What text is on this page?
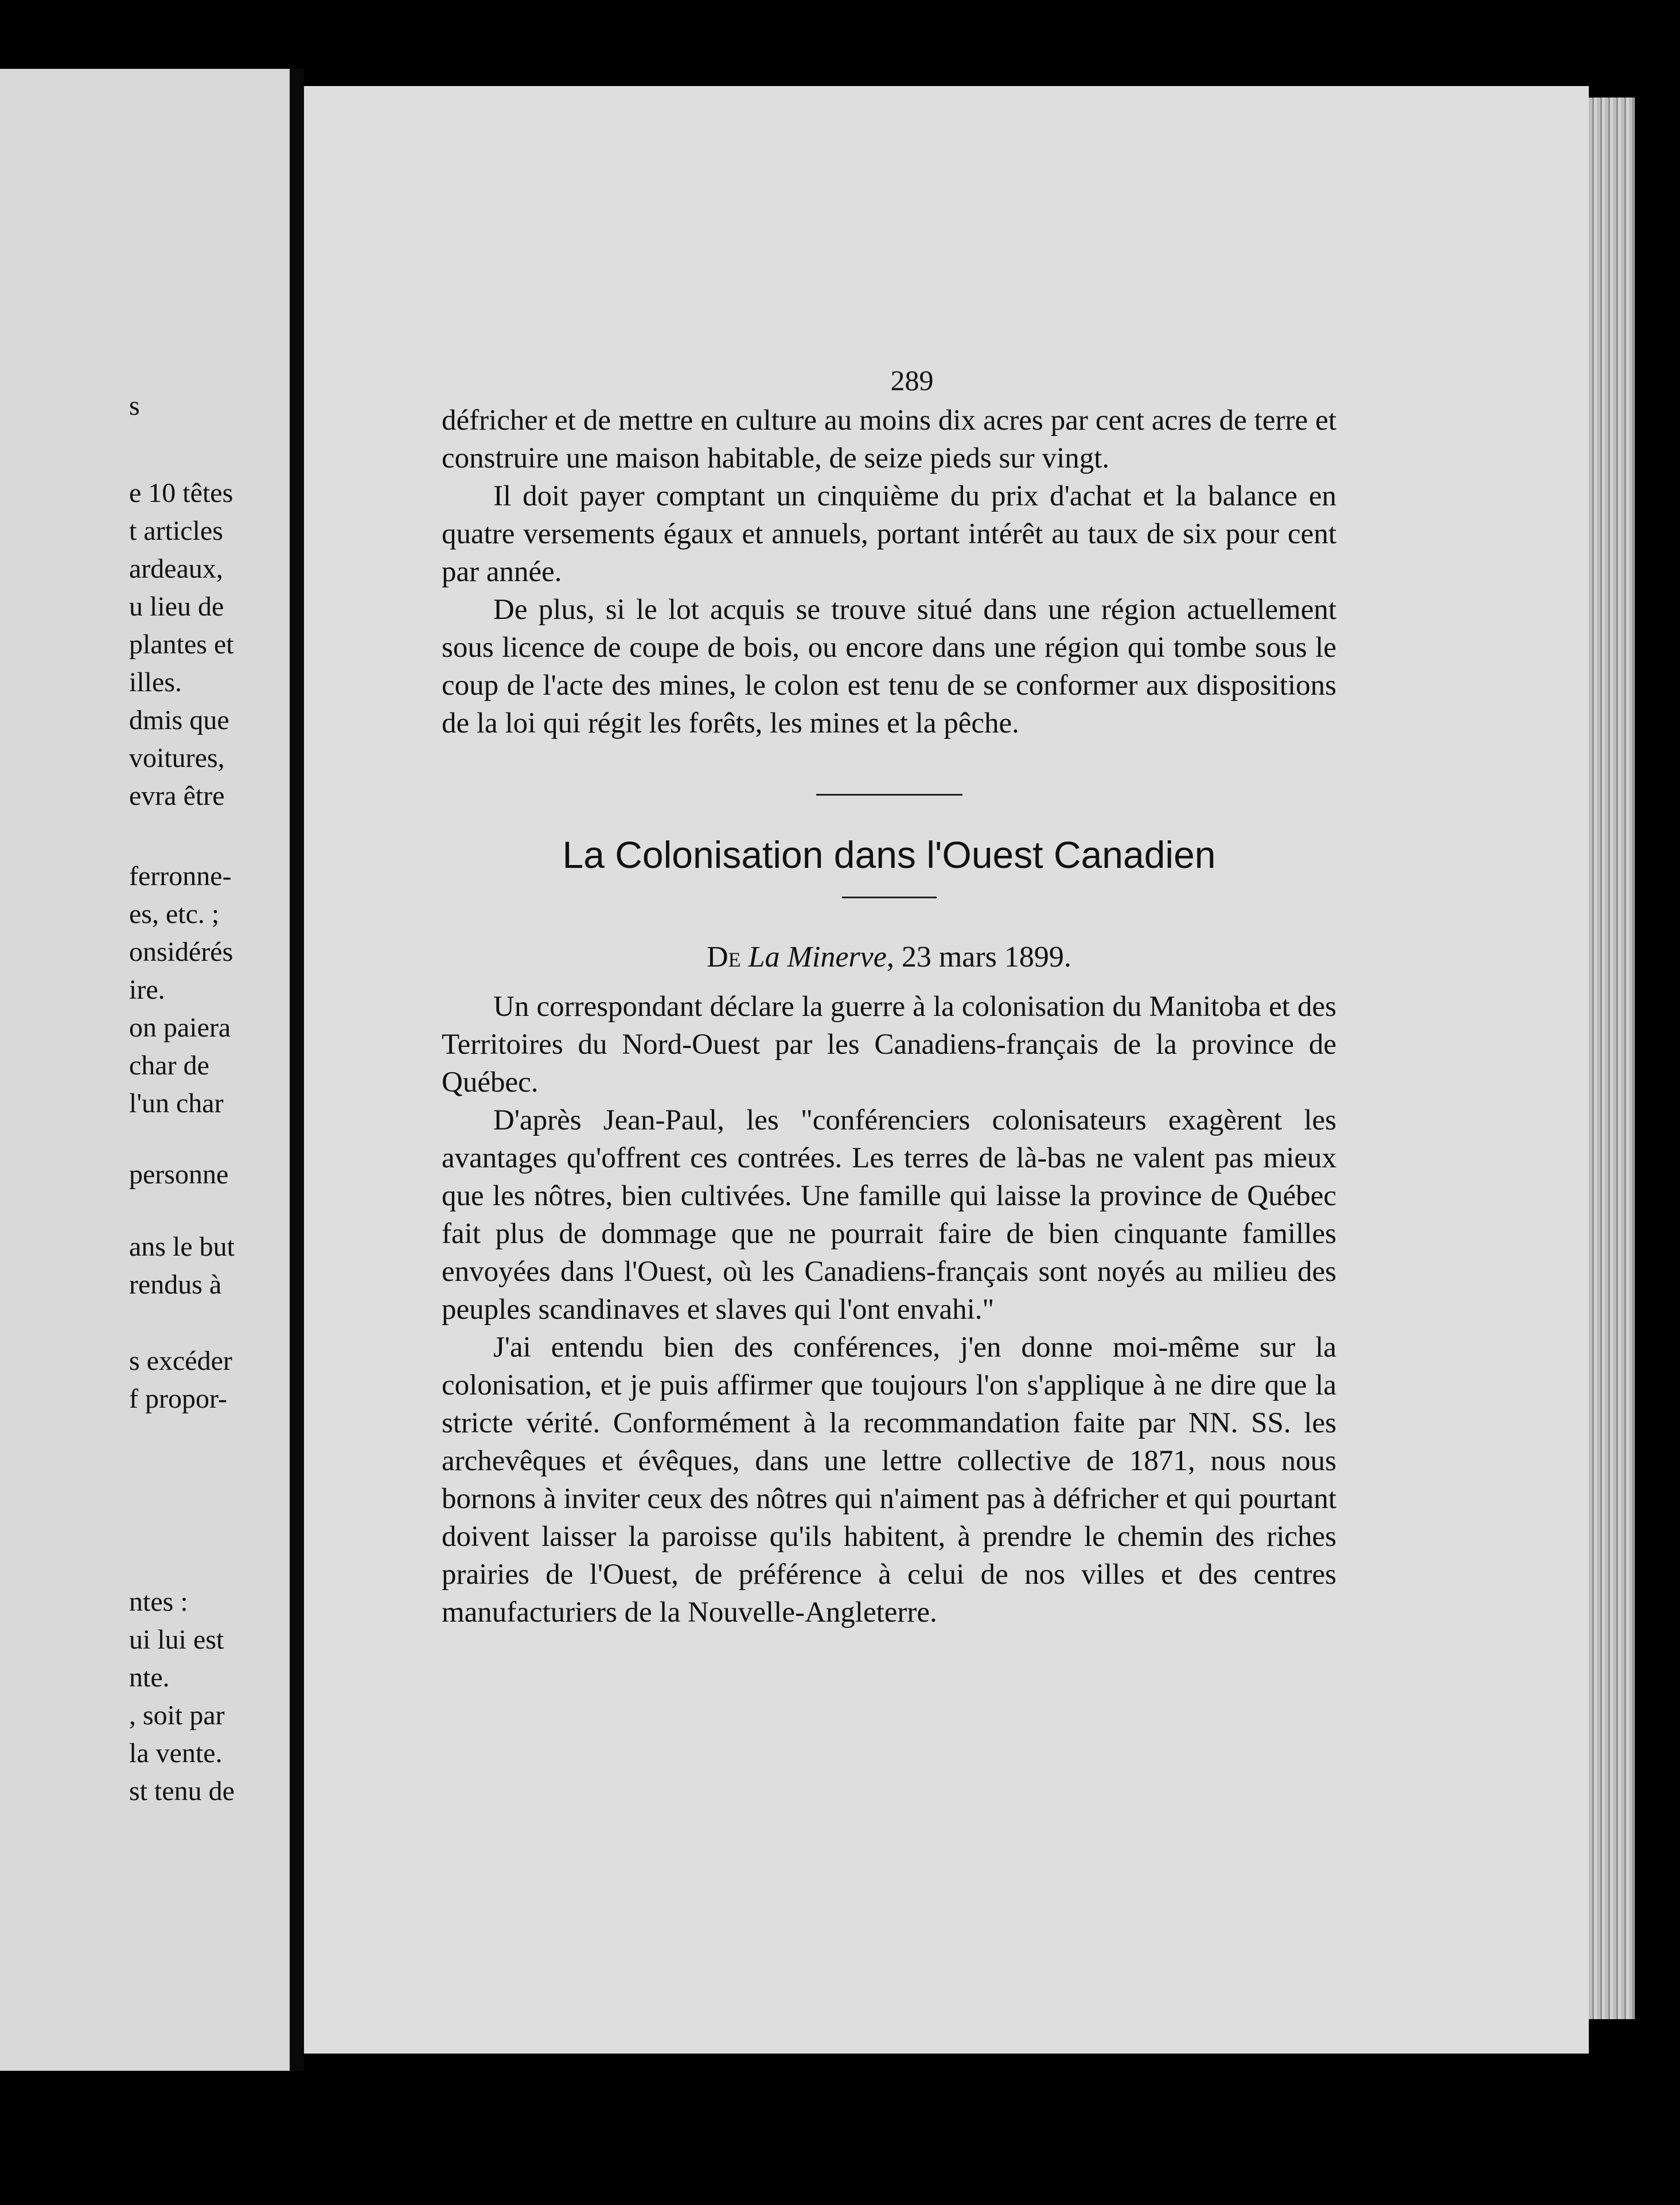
s
e 10 têtes
t articles
ardeaux,
u lieu de
plantes et
illes.
dmis que
voitures,
evra être
ferronne-
es, etc. ;
onsidérés
ire.
on paiera
char de
l'un char
personne
ans le but
rendus à
s excéder
f propor-
ntes :
ui lui est
nte.
, soit par
la vente.
st tenu de
289

défricher et de mettre en culture au moins dix acres par cent acres de terre et construire une maison habitable, de seize pieds sur vingt.

Il doit payer comptant un cinquième du prix d'achat et la balance en quatre versements égaux et annuels, portant intérêt au taux de six pour cent par année.

De plus, si le lot acquis se trouve situé dans une région actuellement sous licence de coupe de bois, ou encore dans une région qui tombe sous le coup de l'acte des mines, le colon est tenu de se conformer aux dispositions de la loi qui régit les forêts, les mines et la pêche.

La Colonisation dans l'Ouest Canadien
De La Minerve, 23 mars 1899.

Un correspondant déclare la guerre à la colonisation du Manitoba et des Territoires du Nord-Ouest par les Canadiens-français de la province de Québec.

D'après Jean-Paul, les "conférenciers colonisateurs exagèrent les avantages qu'offrent ces contrées. Les terres de là-bas ne valent pas mieux que les nôtres, bien cultivées. Une famille qui laisse la province de Québec fait plus de dommage que ne pourrait faire de bien cinquante familles envoyées dans l'Ouest, où les Canadiens-français sont noyés au milieu des peuples scandinaves et slaves qui l'ont envahi."

J'ai entendu bien des conférences, j'en donne moi-même sur la colonisation, et je puis affirmer que toujours l'on s'applique à ne dire que la stricte vérité. Conformément à la recommandation faite par NN. SS. les archevêques et évêques, dans une lettre collective de 1871, nous nous bornons à inviter ceux des nôtres qui n'aiment pas à défricher et qui pourtant doivent laisser la paroisse qu'ils habitent, à prendre le chemin des riches prairies de l'Ouest, de préférence à celui de nos villes et des centres manufacturiers de la Nouvelle-Angleterre.
